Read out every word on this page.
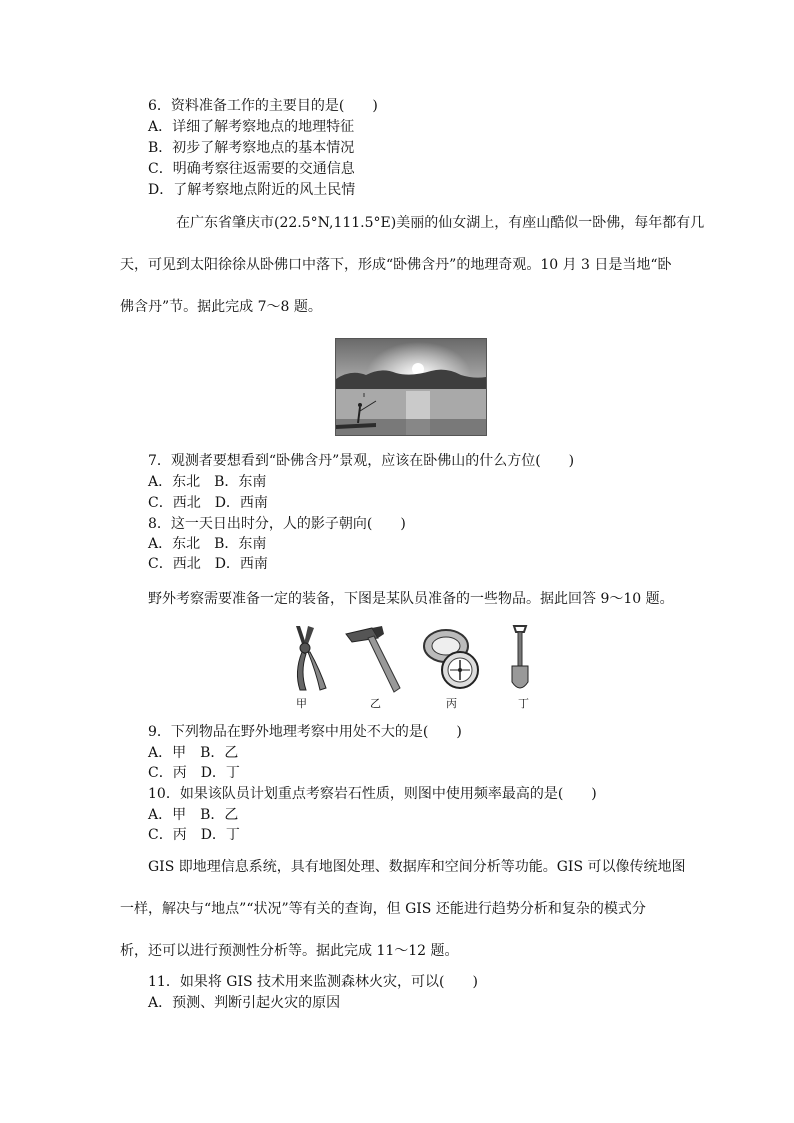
6．资料准备工作的主要目的是(　　)
A．详细了解考察地点的地理特征
B．初步了解考察地点的基本情况
C．明确考察往返需要的交通信息
D．了解考察地点附近的风土民情
在广东省肇庆市(22.5°N,111.5°E)美丽的仙女湖上，有座山酷似一卧佛，每年都有几
天，可见到太阳徐徐从卧佛口中落下，形成“卧佛含丹”的地理奇观。10 月 3 日是当地“卧
佛含丹”节。据此完成 7～8 题。
7．观测者要想看到“卧佛含丹”景观，应该在卧佛山的什么方位(　　)
A．东北　B．东南
C．西北　D．西南
8．这一天日出时分，人的影子朝向(　　)
A．东北　B．东南
C．西北　D．西南
野外考察需要准备一定的装备，下图是某队员准备的一些物品。据此回答 9～10 题。
甲	乙	丙	丁
9．下列物品在野外地理考察中用处不大的是(　　)
A．甲　B．乙
C．丙　D．丁
10．如果该队员计划重点考察岩石性质，则图中使用频率最高的是(　　)
A．甲　B．乙
C．丙　D．丁
GIS 即地理信息系统，具有地图处理、数据库和空间分析等功能。GIS 可以像传统地图
一样，解决与“地点”“状况”等有关的查询，但 GIS 还能进行趋势分析和复杂的模式分
析，还可以进行预测性分析等。据此完成 11～12 题。
11．如果将 GIS 技术用来监测森林火灾，可以(　　)
A．预测、判断引起火灾的原因
